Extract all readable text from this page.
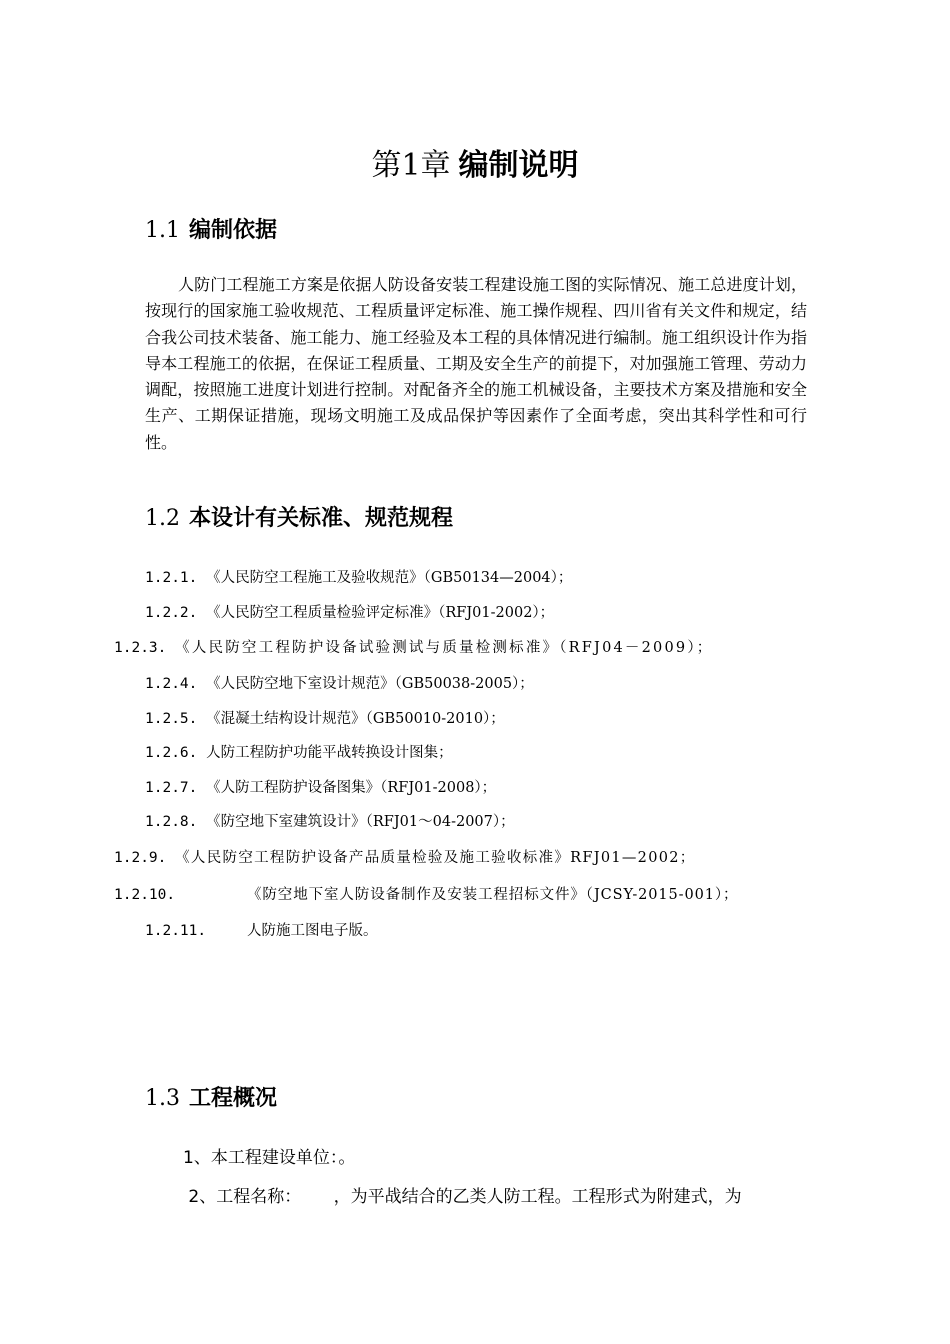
第1章 编制说明
1.1 编制依据

人防门工程施工方案是依据人防设备安装工程建设施工图的实际情况、施工总进度计划，按现行的国家施工验收规范、工程质量评定标准、施工操作规程、四川省有关文件和规定，结合我公司技术装备、施工能力、施工经验及本工程的具体情况进行编制。施工组织设计作为指导本工程施工的依据，在保证工程质量、工期及安全生产的前提下，对加强施工管理、劳动力调配，按照施工进度计划进行控制。对配备齐全的施工机械设备，主要技术方案及措施和安全生产、工期保证措施，现场文明施工及成品保护等因素作了全面考虑，突出其科学性和可行性。

1.2 本设计有关标准、规范规程
1.2.1. 《人民防空工程施工及验收规范》（GB50134—2004）；
1.2.2. 《人民防空工程质量检验评定标准》（RFJ01-2002）；
1.2.3. 《人民防空工程防护设备试验测试与质量检测标准》（RFJ04－2009）；
1.2.4. 《人民防空地下室设计规范》（GB50038-2005）；
1.2.5. 《混凝土结构设计规范》（GB50010-2010）；
1.2.6. 人防工程防护功能平战转换设计图集；
1.2.7. 《人防工程防护设备图集》（RFJ01-2008）；
1.2.8. 《防空地下室建筑设计》（RFJ01～04-2007）；
1.2.9. 《人民防空工程防护设备产品质量检验及施工验收标准》RFJ01—2002；
1.2.10.	《防空地下室人防设备制作及安装工程招标文件》（JCSY-2015-001）；
1.2.11.	人防施工图电子版。
1.3 工程概况
1、本工程建设单位：。
2、工程名称：      ，为平战结合的乙类人防工程。工程形式为附建式，为
